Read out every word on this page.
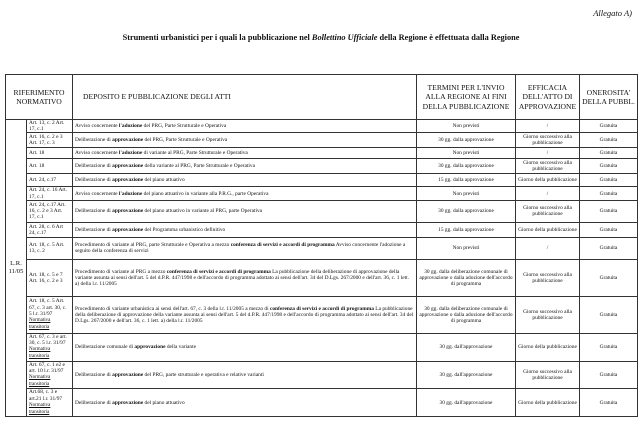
Allegato A)
Strumenti urbanistici per i quali la pubblicazione nel Bollettino Ufficiale della Regione è effettuata dalla Regione
RIFERIMENTO NORMATIVO		DEPOSITO E PUBBLICAZIONE DEGLI ATTI	TERMINI PER L'INVIO ALLA REGIONE AI FINI DELLA PUBBLICAZIONE	EFFICACIA DELL'ATTO DI APPROVAZIONE	ONEROSITA' DELLA PUBBL.
L.R. 11/05	Art. 13, c. 2 Art. 17, c.1	Avviso concernente l'adozione del PRG, Parte Strutturale e Operativa	Non previsti	/	Gratuita
	Art. 16, c. 2 e 3 Art. 17, c. 3	Deliberazione di approvazione del PRG, Parte Strutturale e Operativa	30 gg. dalla approvazione	Giorno successivo alla pubblicazione	Gratuita
	Art. 18	Avviso concernente l'adozione di variante al PRG, Parte Strutturale e Operativa	Non previsti	/	Gratuita
	Art. 18	Deliberazione di approvazione della variante al PRG, Parte Strutturale e Operativa	30 gg. dalla approvazione	Giorno successivo alla pubblicazione	Gratuita
	Art. 24, c.17	Deliberazione di approvazione del piano attuativo	15 gg. dalla approvazione	Giorno della pubblicazione	Gratuita
	Art. 24, c. 16 Art. 17, c.1	Avviso concernente l'adozione del piano attuativo in variante alla P.R.G., parte Operativa	Non previsti	/	Gratuita
	Art. 24, c.17 Art. 16, c. 2 e 3 Art. 17, c.1	Deliberazione di approvazione del piano attuativo in variante al PRG, parte Operativa	30 gg. dalla approvazione	Giorno successivo alla pubblicazione	Gratuita
	Art. 28, c. 6 Art 24, c.17	Deliberazione di approvazione del Programma urbanistico definitivo	15 gg. dalla approvazione	Giorno della pubblicazione	Gratuita
	Art. 18, c. 5 Art. 13, c. 2	Procedimento di variante al PRG, parte Strutturale e Operativa a mezzo conferenza di servizi e accordi di programma Avviso concernente l'adozione a seguito della conferenza di servizi	Non previsti	/	Gratuita
	Art. 18, c. 5 e 7 Art. 16, c. 2 e 3	Procedimento di variante al PRG a mezzo conferenza di servizi e accordi di programma La pubblicazione della deliberazione di approvazione della variante assunta ai sensi dell'art. 5 del d.P.R. 447/1998 e dell'accordo di programma adottato ai sensi dell'art. 34 del D.Lgs. 267/2000 e dell'art. 36, c. 1 lett. a) della l.r. 11/2005	30 gg. dalla deliberazione comunale di approvazione o dalla adozione dell'accordo di programma	Giorno successivo alla pubblicazione	Gratuita
	Art. 18, c. 5 Art. 67, c. 3 art. 30, c. 5 l.r. 31/97 Normativa transitoria	Procedimento di variante urbanistica ai sensi dell'art. 67, c. 3 della l.r. 11/2005 a mezzo di conferenza di servizi e accordi di programma La pubblicazione della deliberazione di approvazione della variante assunta ai sensi dell'art. 5 del d.P.R. 447/1998 e dell'accordo di programma adottato ai sensi dell'art. 34 del D.Lgs. 267/2000 e dell'art. 36, c. 1 lett. a) della l.r. 11/2005	30 gg. dalla deliberazione comunale di approvazione o dalla adozione dell'accordo di programma	Giorno successivo alla pubblicazione	Gratuita
	Art. 67, c. 3 e art. 30, c. 5 l.r. 31/97 Normativa transitoria	Deliberazione comunale di approvazione della variante	30 gg. dall'approvazione	Giorno della pubblicazione	Gratuita
	Art. 67, c. 1 e2 e art. 10 l.r. 31/97 Normativa transitoria	Deliberazione di approvazione del PRG, parte strutturale e operativa e relative varianti	30 gg. dall'approvazione	Giorno successivo alla pubblicazione	Gratuita
	Art.68, c. 3 e art.21 l.r. 31/97 Normativa transitoria	Deliberazione di approvazione del piano attuativo	30 gg. dall'approvazione	Giorno della pubblicazione	Gratuita
